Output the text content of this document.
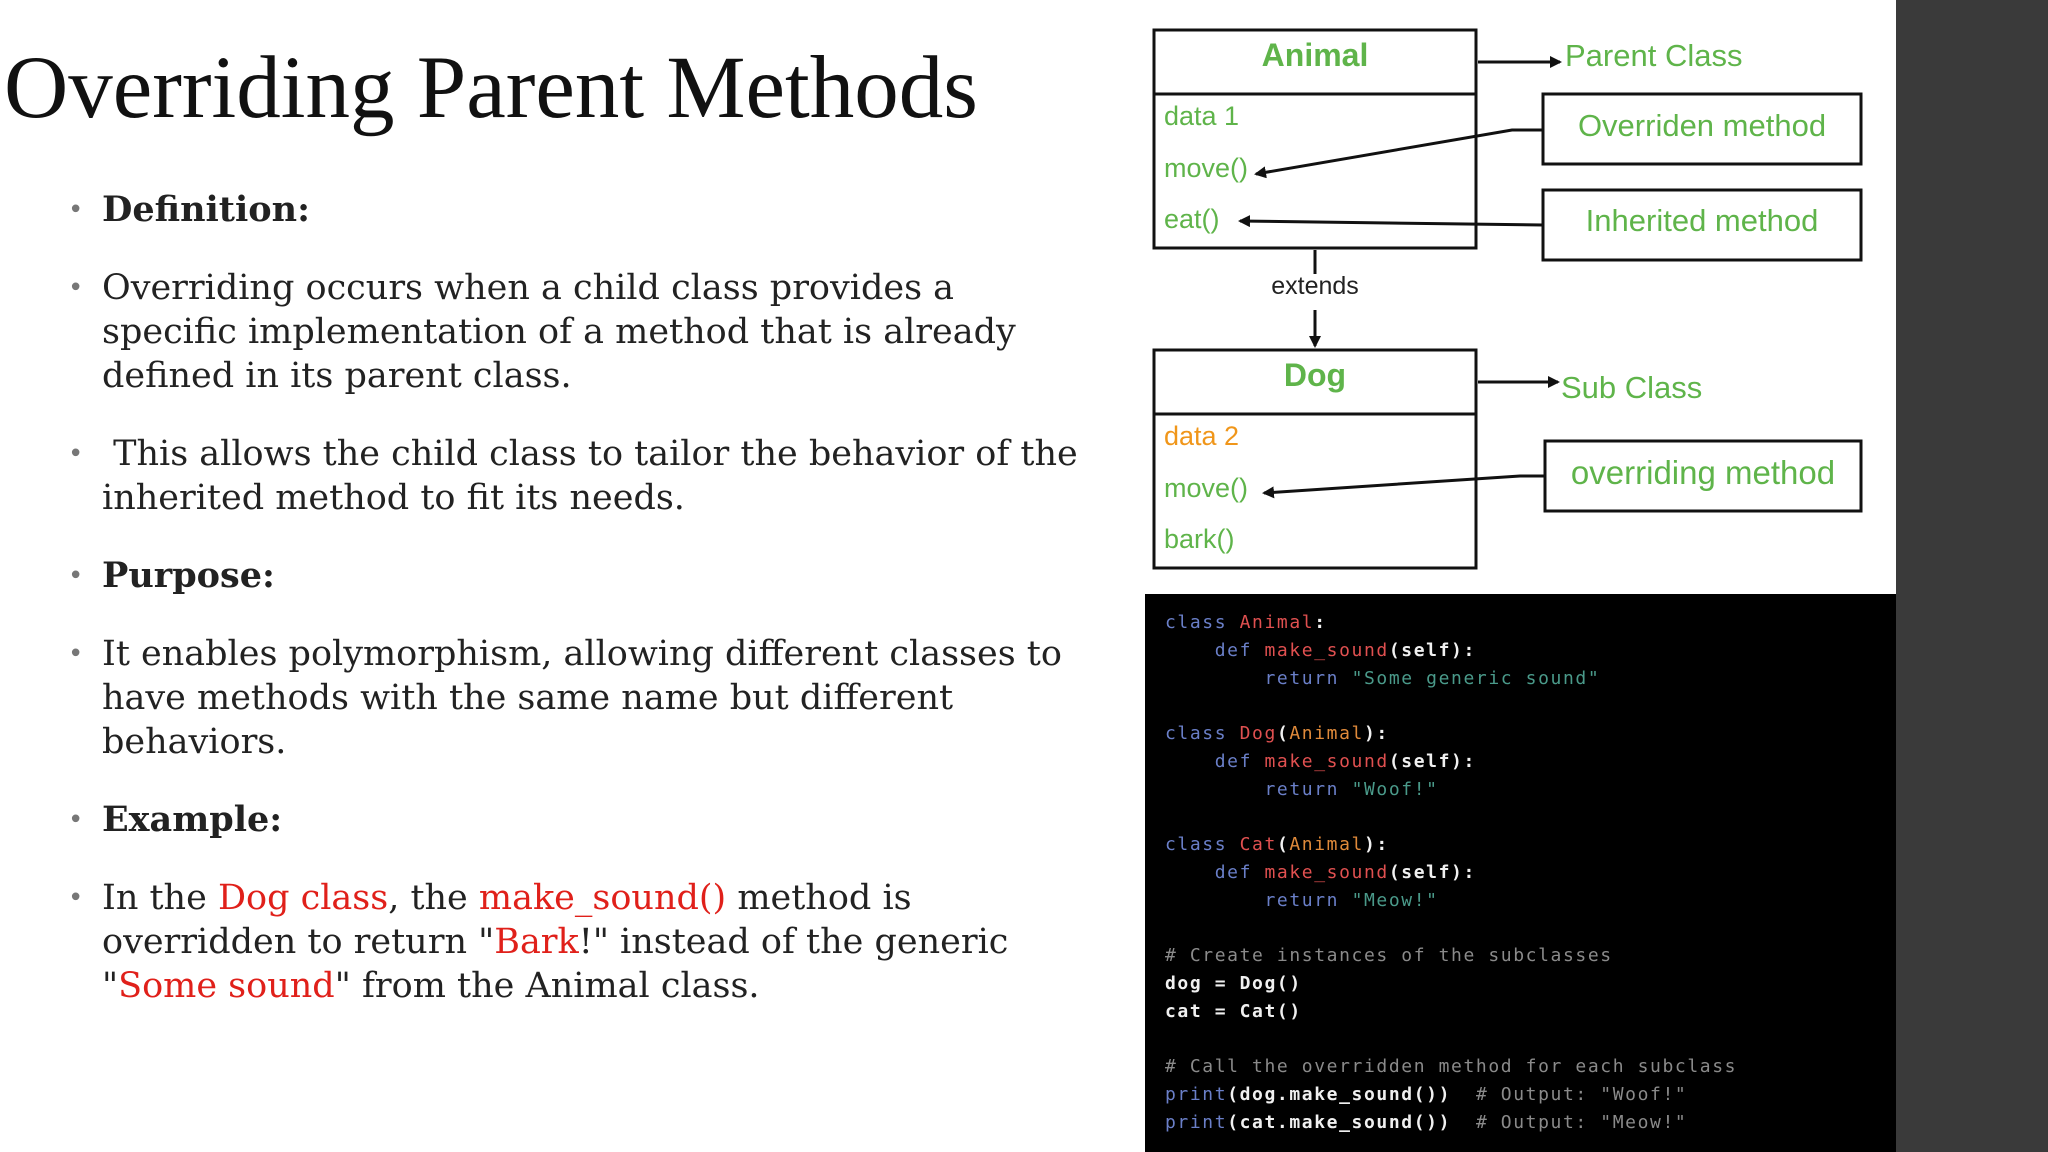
Overriding Parent Methods

• Definition:

• Overriding occurs when a child class provides a specific implementation of a method that is already defined in its parent class.

• This allows the child class to tailor the behavior of the inherited method to fit its needs.

• Purpose:

• It enables polymorphism, allowing different classes to have methods with the same name but different behaviors.

• Example:

• In the Dog class, the make_sound() method is overridden to return "Bark!" instead of the generic "Some sound" from the Animal class.

Animal
data 1
move()
eat()
extends
Dog
data 2
move()
bark()
Parent Class
Overriden method
Inherited method
Sub Class
overriding method
class Animal:
def make_sound(self):
return "Some generic sound"
class Dog(Animal):
def make_sound(self):
return "Woof!"
class Cat(Animal):
def make_sound(self):
return "Meow!"
# Create instances of the subclasses
dog = Dog()
cat = Cat()
# Call the overridden method for each subclass
print(dog.make_sound()) # Output: "Woof!"
print(cat.make_sound()) # Output: "Meow!"
